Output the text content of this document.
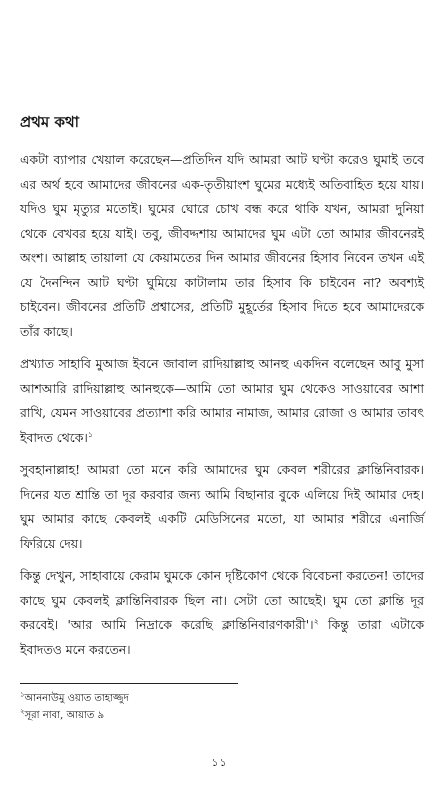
প্রথম কথা

একটা ব্যাপার খেয়াল করেছেন—প্রতিদিন যদি আমরা আট ঘণ্টা করেও ঘুমাই তবে এর অর্থ হবে আমাদের জীবনের এক-তৃতীয়াংশ ঘুমের মধ্যেই অতিবাহিত হয়ে যায়। যদিও ঘুম মৃত্যুর মতোই। ঘুমের ঘোরে চোখ বন্ধ করে থাকি যখন, আমরা দুনিয়া থেকে বেখবর হয়ে যাই। তবু, জীবদ্দশায় আমাদের ঘুম এটা তো আমার জীবনেরই অংশ। আল্লাহ তায়ালা যে কেয়ামতের দিন আমার জীবনের হিসাব নিবেন তখন এই যে দৈনন্দিন আট ঘণ্টা ঘুমিয়ে কাটালাম তার হিসাব কি চাইবেন না? অবশ্যই চাইবেন। জীবনের প্রতিটি প্রশ্বাসের, প্রতিটি মুহূর্তের হিসাব দিতে হবে আমাদেরকে তাঁর কাছে।

প্রখ্যাত সাহাবি মুআজ ইবনে জাবাল রাদিয়াল্লাহু আনহু একদিন বলেছেন আবু মুসা আশআরি রাদিয়াল্লাহু আনহুকে—আমি তো আমার ঘুম থেকেও সাওয়াবের আশা রাখি, যেমন সাওয়াবের প্রত্যাশা করি আমার নামাজ, আমার রোজা ও আমার তাবৎ ইবাদত থেকে।$^১$

সুবহানাল্লাহ! আমরা তো মনে করি আমাদের ঘুম কেবল শরীরের ক্লান্তিনিবারক। দিনের যত শ্রান্তি তা দূর করবার জন্য আমি বিছানার বুকে এলিয়ে দিই আমার দেহ। ঘুম আমার কাছে কেবলই একটি মেডিসিনের মতো, যা আমার শরীরে এনার্জি ফিরিয়ে দেয়।

কিন্তু দেখুন, সাহাবায়ে কেরাম ঘুমকে কোন দৃষ্টিকোণ থেকে বিবেচনা করতেন! তাদের কাছে ঘুম কেবলই ক্লান্তিনিবারক ছিল না। সেটা তো আছেই। ঘুম তো ক্লান্তি দূর করবেই। 'আর আমি নিদ্রাকে করেছি ক্লান্তিনিবারণকারী'।$^২$ কিন্তু তারা এটাকে ইবাদতও মনে করতেন।

$^১$আননাউমু ওয়াত তাহাজ্জুদ
$^২$সূরা নাবা, আয়াত ৯
১১
